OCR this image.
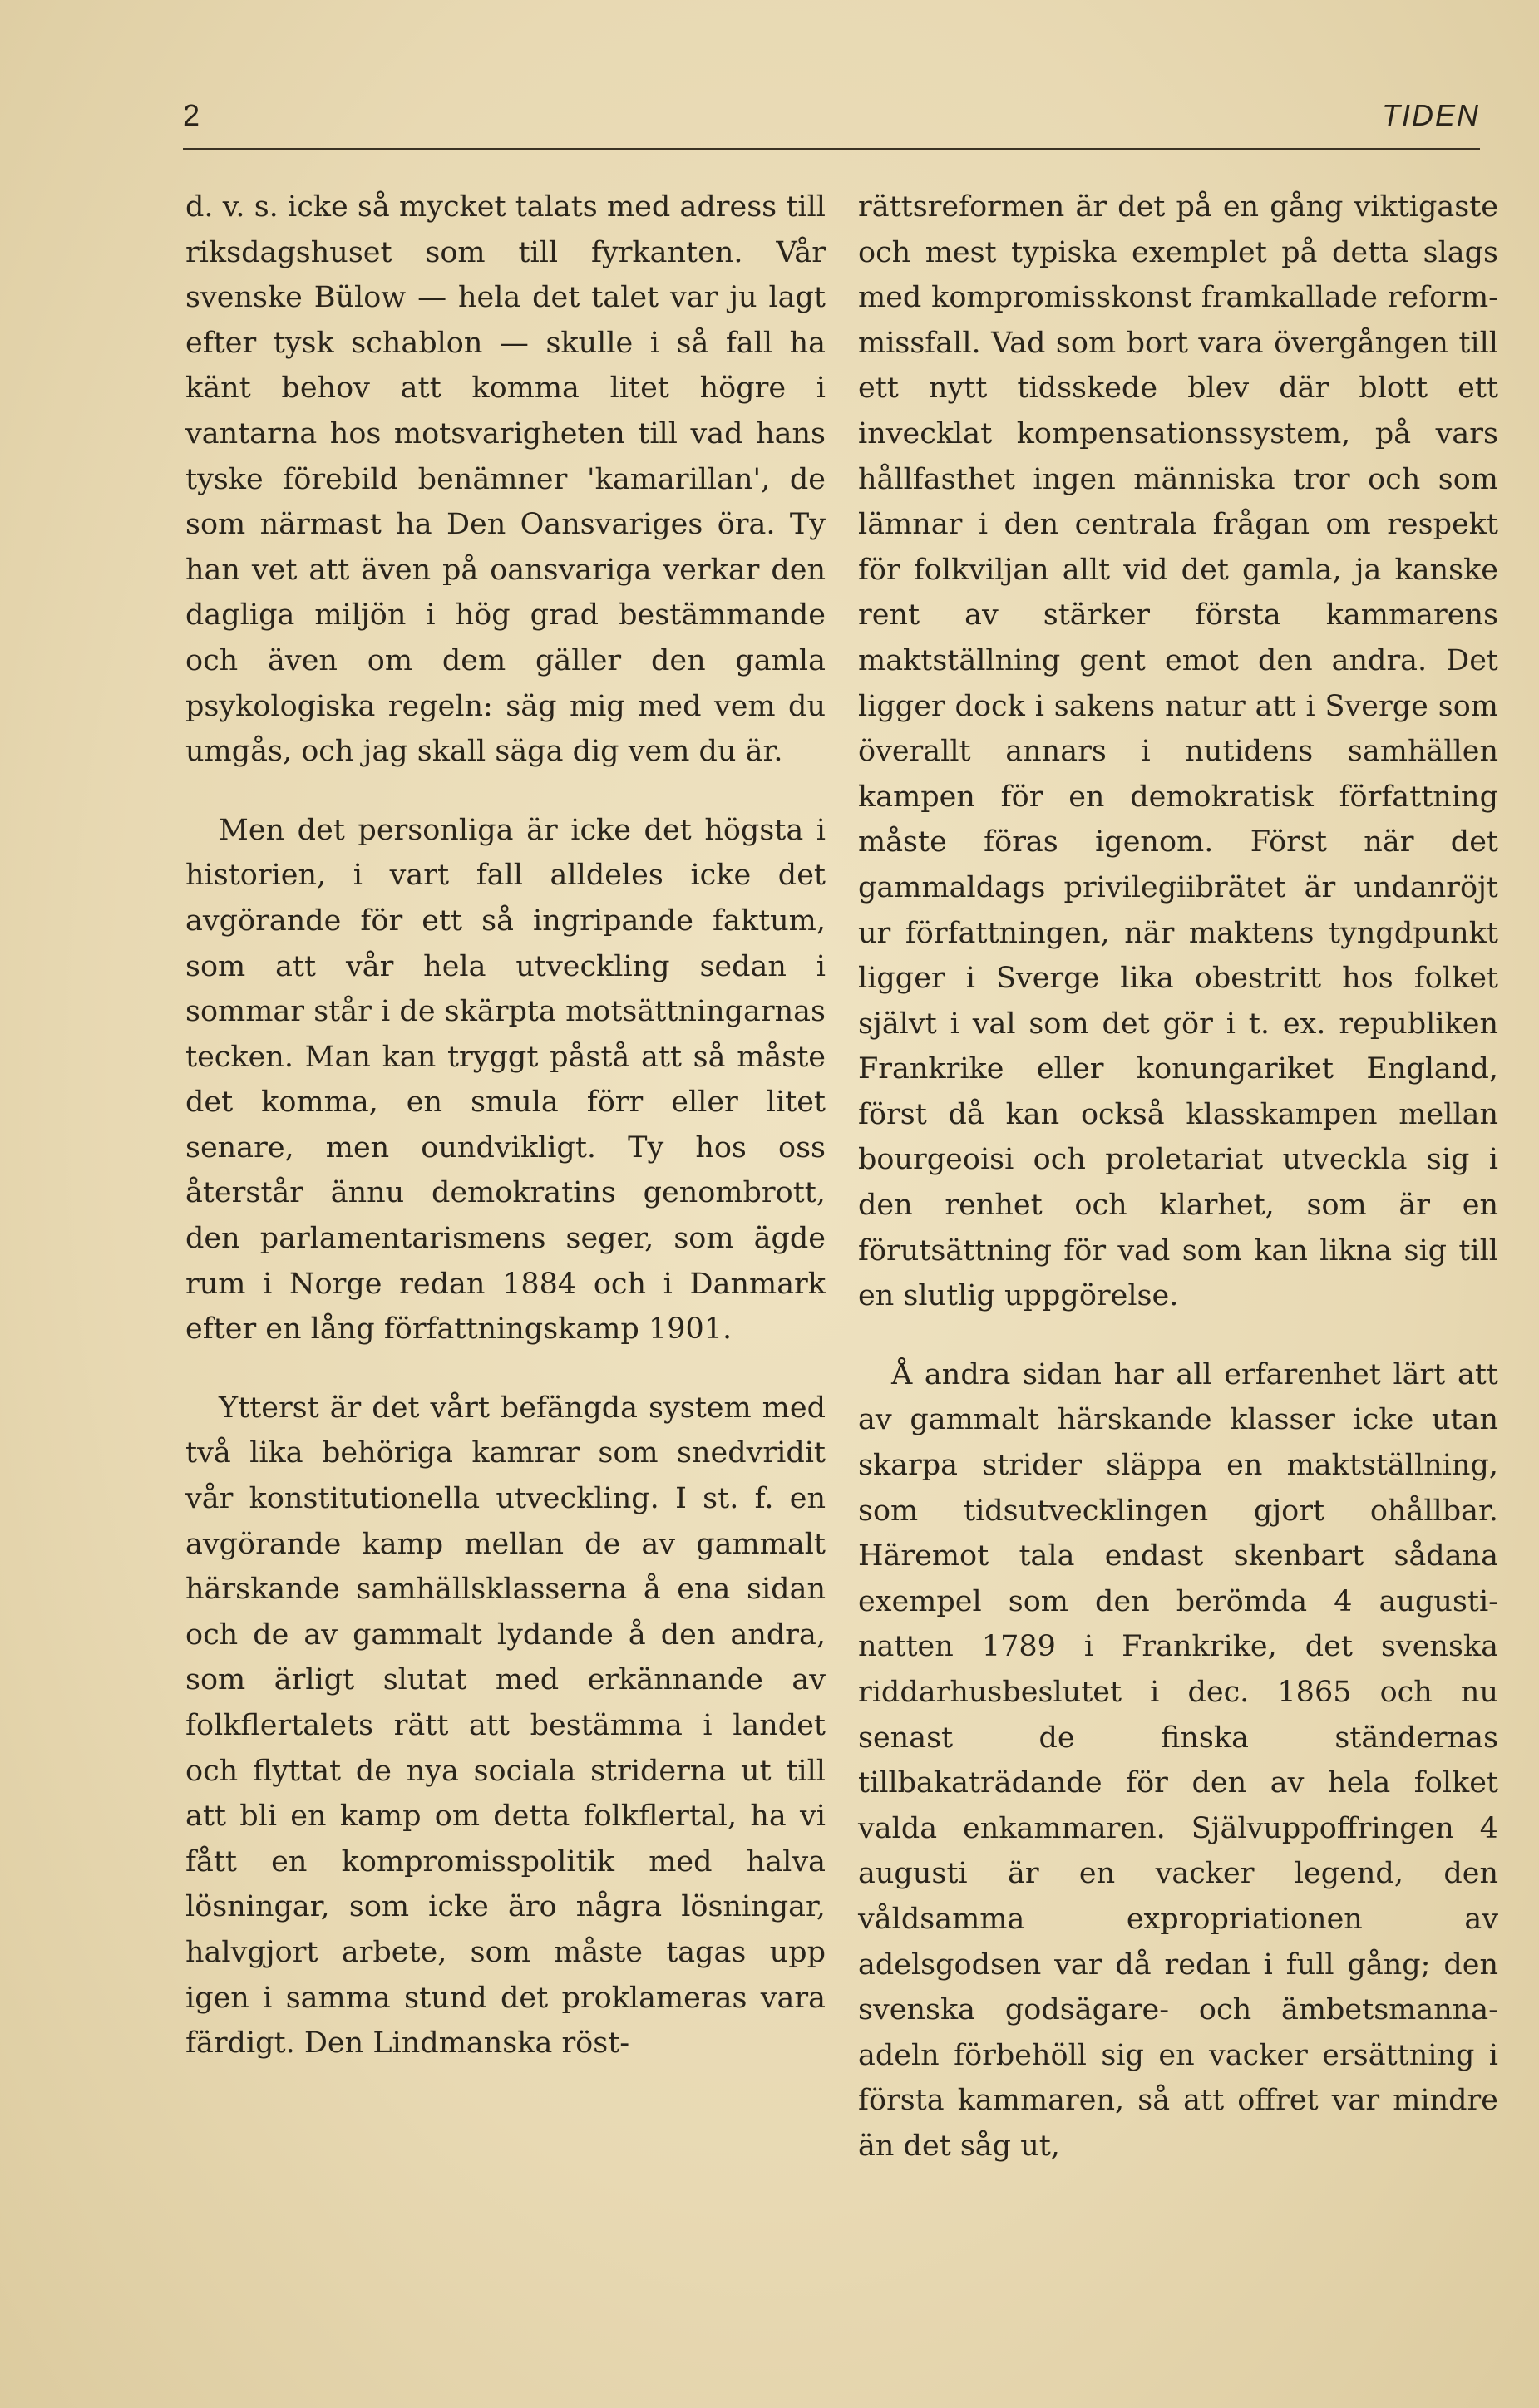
2	TIDEN

d. v. s. icke så mycket talats med adress till riksdagshuset som till fyrkanten. Vår svenske Bülow — hela det talet var ju lagt efter tysk schablon — skulle i så fall ha känt behov att komma litet högre i vantarna hos motsvarigheten till vad hans tyske förebild benämner 'kamarillan', de som närmast ha Den Oansvariges öra. Ty han vet att även på oansvariga verkar den dagliga miljön i hög grad bestämmande och även om dem gäller den gamla psykologiska regeln: säg mig med vem du umgås, och jag skall säga dig vem du är.

Men det personliga är icke det högsta i historien, i vart fall alldeles icke det avgörande för ett så ingripande faktum, som att vår hela utveckling sedan i sommar står i de skärpta motsättningarnas tecken. Man kan tryggt påstå att så måste det komma, en smula förr eller litet senare, men oundvikligt. Ty hos oss återstår ännu demokratins genombrott, den parlamentarismens seger, som ägde rum i Norge redan 1884 och i Danmark efter en lång författningskamp 1901.

Ytterst är det vårt befängda system med två lika behöriga kamrar som snedvridit vår konstitutionella utveckling. I st. f. en avgörande kamp mellan de av gammalt härskande samhällsklasserna å ena sidan och de av gammalt lydande å den andra, som ärligt slutat med erkännande av folkflertalets rätt att bestämma i landet och flyttat de nya sociala striderna ut till att bli en kamp om detta folkflertal, ha vi fått en kompromisspolitik med halva lösningar, som icke äro några lösningar, halvgjort arbete, som måste tagas upp igen i samma stund det proklameras vara färdigt. Den Lindmanska röst-

rättsreformen är det på en gång viktigaste och mest typiska exemplet på detta slags med kompromisskonst framkallade reform-missfall. Vad som bort vara övergången till ett nytt tidsskede blev där blott ett invecklat kompensationssystem, på vars hållfasthet ingen människa tror och som lämnar i den centrala frågan om respekt för folkviljan allt vid det gamla, ja kanske rent av stärker första kammarens maktställning gent emot den andra. Det ligger dock i sakens natur att i Sverge som överallt annars i nutidens samhällen kampen för en demokratisk författning måste föras igenom. Först när det gammaldags privilegiibrätet är undanröjt ur författningen, när maktens tyngdpunkt ligger i Sverge lika obestritt hos folket självt i val som det gör i t. ex. republiken Frankrike eller konungariket England, först då kan också klasskampen mellan bourgeoisi och proletariat utveckla sig i den renhet och klarhet, som är en förutsättning för vad som kan likna sig till en slutlig uppgörelse.

Å andra sidan har all erfarenhet lärt att av gammalt härskande klasser icke utan skarpa strider släppa en maktställning, som tidsutvecklingen gjort ohållbar. Häremot tala endast skenbart sådana exempel som den berömda 4 augusti-natten 1789 i Frankrike, det svenska riddarhusbeslutet i dec. 1865 och nu senast de finska ständernas tillbakaträdande för den av hela folket valda enkammaren. Självuppoffringen 4 augusti är en vacker legend, den våldsamma expropriationen av adelsgodsen var då redan i full gång; den svenska godsägare- och ämbetsmanna-adeln förbehöll sig en vacker ersättning i första kammaren, så att offret var mindre än det såg ut,
